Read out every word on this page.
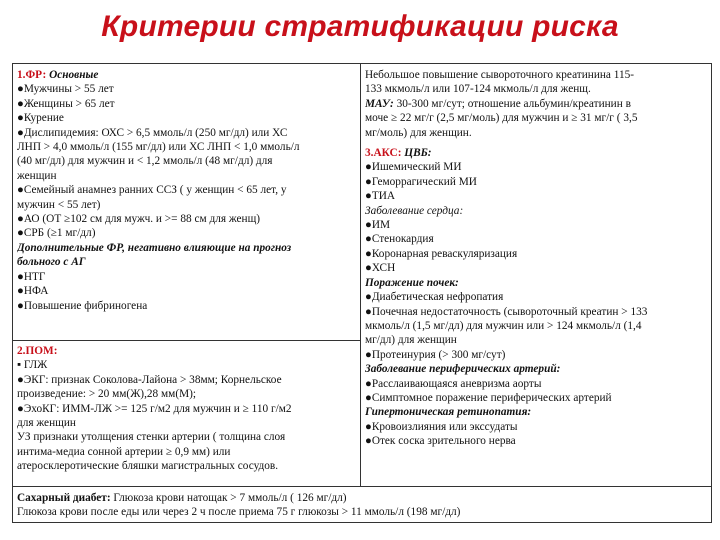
Критерии стратификации риска
1.ФР: Основные
●Мужчины > 55 лет
●Женщины > 65 лет
●Курение
●Дислипидемия: ОХС > 6,5 ммоль/л (250 мг/дл) или ХС
ЛНП > 4,0 ммоль/л (155 мг/дл) или ХС ЛНП < 1,0 ммоль/л
(40 мг/дл) для мужчин и < 1,2 ммоль/л (48 мг/дл) для
женщин
●Семейный анамнез ранних ССЗ ( у женщин < 65 лет, у
мужчин < 55 лет)
●АО (ОТ ≥102 см для мужч. и >= 88 см для женщ)
●СРБ (≥1 мг/дл)
Дополнительные ФР, негативно влияющие на прогноз
больного с АГ
●НТГ
●НФА
●Повышение фибриногена
2.ПОМ:
▪ ГЛЖ
●ЭКГ: признак Соколова-Лайона > 38мм; Корнельское
произведение: > 20 мм(Ж),28 мм(М);
●ЭхоКГ: ИММ-ЛЖ >= 125 г/м2 для мужчин и ≥ 110 г/м2
для женщин
УЗ признаки утолщения стенки артерии ( толщина слоя
интима-медиа сонной артерии ≥ 0,9 мм) или
атеросклеротические бляшки магистральных сосудов.
Небольшое повышение сывороточного креатинина 115-
133 мкмоль/л или 107-124 мкмоль/л для женщ.
МАУ: 30-300 мг/сут; отношение альбумин/креатинин в
моче ≥ 22 мг/г (2,5 мг/моль) для мужчин и ≥ 31 мг/г ( 3,5
мг/моль) для женщин.
3.АКС: ЦВБ:
●Ишемический МИ
●Геморрагический МИ
●ТИА
Заболевание сердца:
●ИМ
●Стенокардия
●Коронарная реваскуляризация
●ХСН
Поражение почек:
●Диабетическая нефропатия
●Почечная недостаточность (сывороточный креатин > 133
мкмоль/л (1,5 мг/дл) для мужчин или > 124 мкмоль/л (1,4
мг/дл) для женщин
●Протеинурия (> 300 мг/сут)
Заболевание периферических артерий:
●Расслаивающаяся аневризма аорты
●Симптомное поражение периферических артерий
Гипертоническая ретинопатия:
●Кровоизлияния или экссудаты
●Отек соска зрительного нерва
Сахарный диабет: Глюкоза крови натощак > 7 ммоль/л ( 126 мг/дл)
Глюкоза крови после еды или через 2 ч после приема 75 г глюкозы > 11 ммоль/л (198 мг/дл)
